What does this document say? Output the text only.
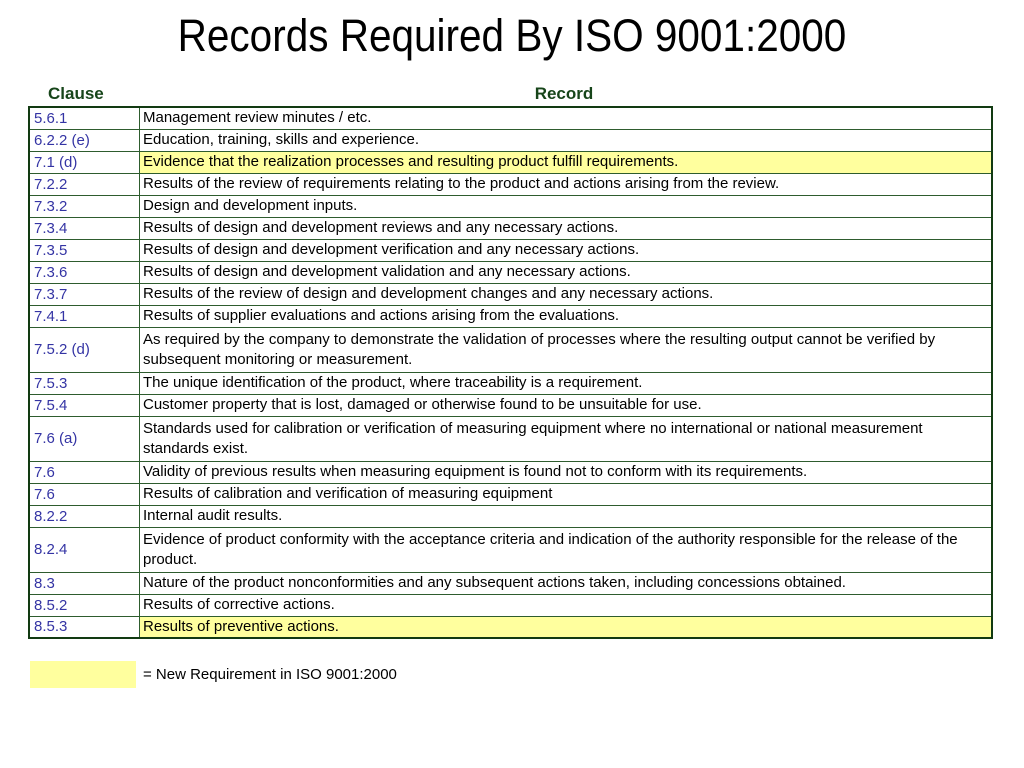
Records Required By ISO 9001:2000
Clause	Record
5.6.1	Management review minutes / etc.
6.2.2 (e)	Education, training, skills and experience.
7.1 (d)	Evidence that the realization processes and resulting product fulfill requirements.
7.2.2	Results of the review of requirements relating to the product and actions arising from the review.
7.3.2	Design and development inputs.
7.3.4	Results of design and development reviews and any necessary actions.
7.3.5	Results of design and development verification and any necessary actions.
7.3.6	Results of design and development validation and any necessary actions.
7.3.7	Results of the review of design and development changes and any necessary actions.
7.4.1	Results of supplier evaluations and actions arising from the evaluations.
7.5.2 (d)	As required by the company to demonstrate the validation of processes where the resulting output cannot be verified by subsequent monitoring or measurement.
7.5.3	The unique identification of the product, where traceability is a requirement.
7.5.4	Customer property that is lost, damaged or otherwise found to be unsuitable for use.
7.6 (a)	Standards used for calibration or verification of measuring equipment where no international or national measurement standards exist.
7.6	Validity of previous results when measuring equipment is found not to conform with its requirements.
7.6	Results of calibration and verification of measuring equipment
8.2.2	Internal audit results.
8.2.4	Evidence of product conformity with the acceptance criteria and indication of the authority responsible for the release of the product.
8.3	Nature of the product nonconformities and any subsequent actions taken, including concessions obtained.
8.5.2	Results of corrective actions.
8.5.3	Results of preventive actions.
= New Requirement in ISO 9001:2000
